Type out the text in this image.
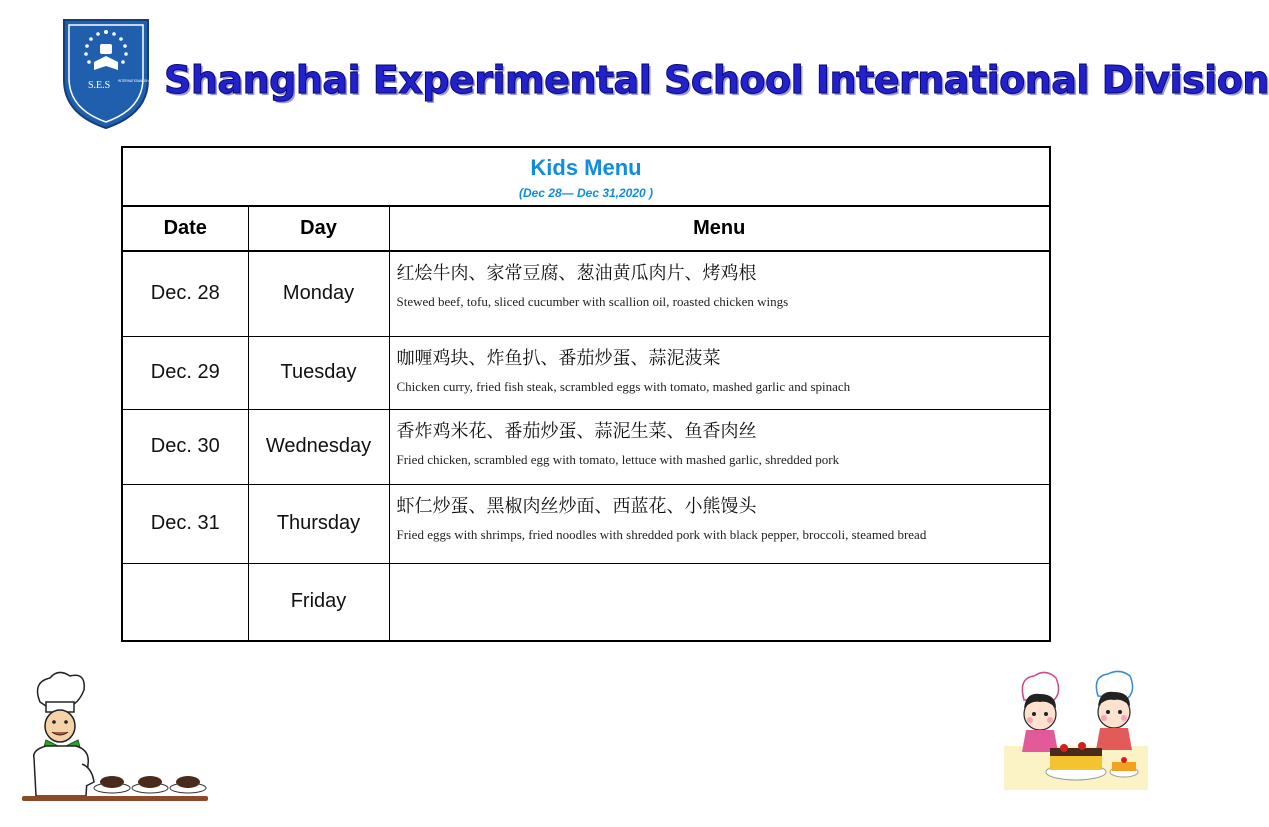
S.E.S INTERNATIONAL DIVISION Shanghai Experimental School International Division
Kids Menu
(Dec 28— Dec 31,2020 )		

Date	Day	Menu
Dec. 28	Monday	红烩牛肉、家常豆腐、葱油黄瓜肉片、烤鸡根
Stewed beef, tofu, sliced cucumber with scallion oil, roasted chicken wings

Dec. 29	Tuesday	咖喱鸡块、炸鱼扒、番茄炒蛋、蒜泥菠菜
Chicken curry, fried fish steak, scrambled eggs with tomato, mashed garlic and spinach

Dec. 30	Wednesday	香炸鸡米花、番茄炒蛋、蒜泥生菜、鱼香肉丝
Fried chicken, scrambled egg with tomato, lettuce with mashed garlic, shredded pork

Dec. 31	Thursday	虾仁炒蛋、黑椒肉丝炒面、西蓝花、小熊馒头
Fried eggs with shrimps, fried noodles with shredded pork with black pepper, broccoli, steamed bread

	Friday	
